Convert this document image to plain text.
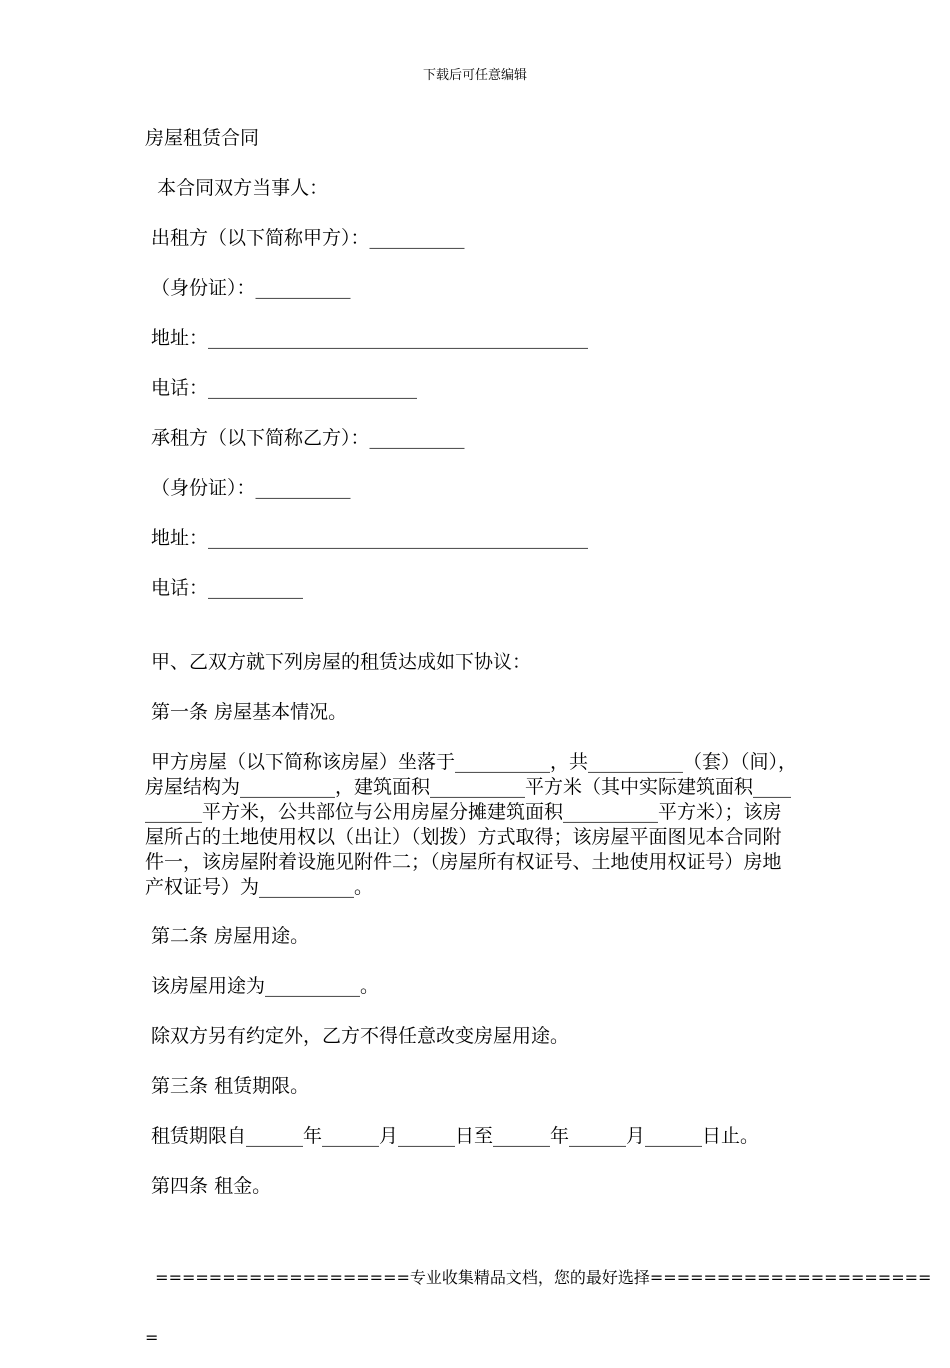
下载后可任意编辑
房屋租赁合同
本合同双方当事人：
出租方（以下简称甲方）：__________
（身份证）：__________
地址：________________________________________
电话：______________________
承租方（以下简称乙方）：__________
（身份证）：__________
地址：________________________________________
电话：__________
甲、乙双方就下列房屋的租赁达成如下协议：
第一条 房屋基本情况。

甲方房屋（以下简称该房屋）坐落于__________，共__________（套）（间），

房屋结构为__________，建筑面积__________平方米（其中实际建筑面积____

______平方米，公共部位与公用房屋分摊建筑面积__________平方米）；该房

屋所占的土地使用权以（出让）（划拨）方式取得；该房屋平面图见本合同附

件一，该房屋附着设施见附件二；（房屋所有权证号、土地使用权证号）房地

产权证号）为__________。

第二条 房屋用途。
该房屋用途为__________。
除双方另有约定外，乙方不得任意改变房屋用途。
第三条 租赁期限。
租赁期限自______年______月______日至______年______月______日止。
第四条 租金。

===================专业收集精品文档，您的最好选择=====================

=
